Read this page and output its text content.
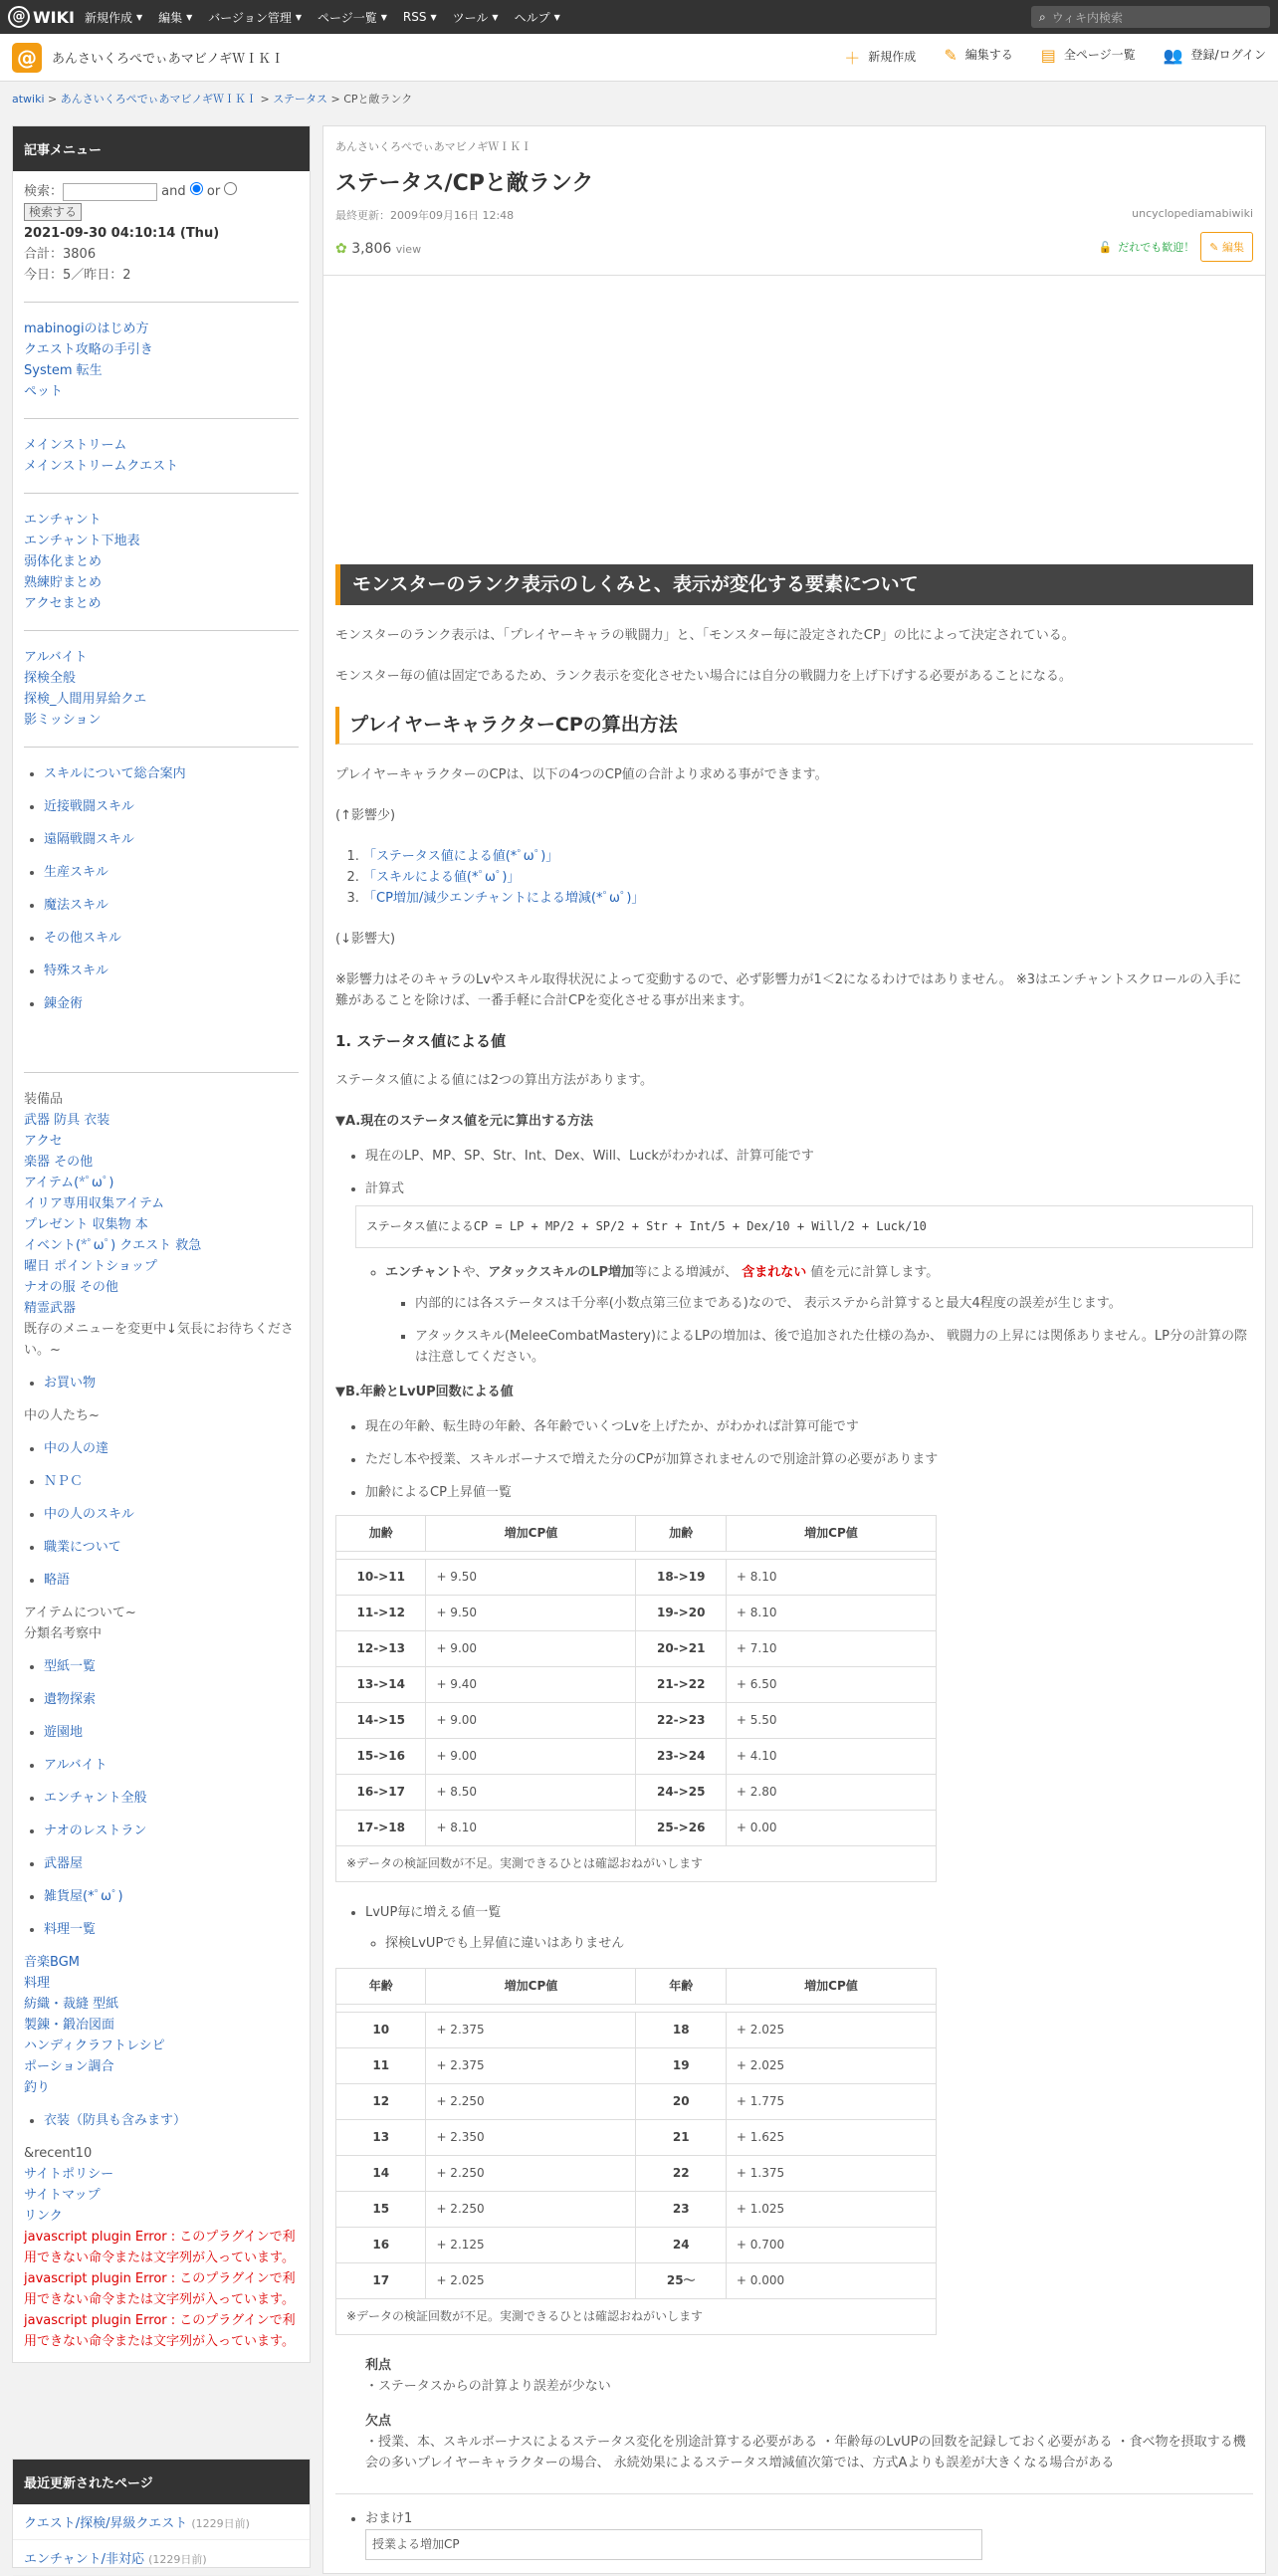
@ WIKI 新規作成 ▼ 編集 ▼ バージョン管理 ▼ ページ一覧 ▼ RSS ▼ ツール ▼ ヘルプ ▼	⌕ ウィキ内検索
@	あんさいくろぺでぃあマビノギＷＩＫＩ	＋ 新規作成 ✎ 編集する ▤ 全ページ一覧 👥 登録/ログイン
atwiki > あんさいくろぺでぃあマビノギＷＩＫＩ > ステータス > CPと敵ランク
記事メニュー
検索：	and or
検索する
2021-09-30 04:10:14 (Thu)
合計：3806
今日：5／昨日：2
mabinogiのはじめ方
クエスト攻略の手引き
System 転生
ペット
メインストリーム
メインストリームクエスト
エンチャント
エンチャント下地表
弱体化まとめ
熟練貯まとめ
アクセまとめ
アルバイト
探検全般
探検_人間用昇給クエ
影ミッション
• スキルについて総合案内
• 近接戦闘スキル
• 遠隔戦闘スキル
• 生産スキル
• 魔法スキル
• その他スキル
• 特殊スキル
• 錬金術
装備品
武器 防具 衣装
アクセ
楽器 その他
アイテム(*ﾟωﾟ)
イリア専用収集アイテム
プレゼント 収集物 本
イベント(*ﾟωﾟ) クエスト 救急
曜日 ポイントショップ
ナオの服 その他
精霊武器
既存のメニューを変更中↓気長にお待ちください。~
• お買い物
中の人たち~
• 中の人の達
• ＮＰＣ
• 中の人のスキル
• 職業について
• 略語
アイテムについて~
分類名考察中
• 型紙一覧
• 遺物探索
• 遊園地
• アルバイト
• エンチャント全般
• ナオのレストラン
• 武器屋
• 雑貨屋(*ﾟωﾟ)
• 料理一覧
音楽BGM
料理
紡織・裁縫 型紙
製錬・鍛冶図面
ハンディクラフトレシピ
ポーション調合
釣り
• 衣装（防具も含みます）
&recent10
サイトポリシー
サイトマップ
リンク
javascript plugin Error : このプラグインで利用できない命令または文字列が入っています。 javascript plugin Error : このプラグインで利用できない命令または文字列が入っています。 javascript plugin Error : このプラグインで利用できない命令または文字列が入っています。
最近更新されたページ
クエスト/探検/昇級クエスト (1229日前)
エンチャント/非対応 (1229日前)
あんさいくろぺでぃあマビノギＷＩＫＩ
ステータス/CPと敵ランク
最終更新：2009年09月16日 12:48	uncyclopediamabiwiki
✿ 3,806 view	🔓 だれでも歓迎！	✎ 編集
モンスターのランク表示のしくみと、表示が変化する要素について

モンスターのランク表示は、「プレイヤーキャラの戦闘力」と、「モンスター毎に設定されたCP」の比によって決定されている。

モンスター毎の値は固定であるため、ランク表示を変化させたい場合には自分の戦闘力を上げ下げする必要があることになる。

プレイヤーキャラクターCPの算出方法

プレイヤーキャラクターのCPは、以下の4つのCP値の合計より求める事ができます。

(↑影響少)

1. 「ステータス値による値(*ﾟωﾟ)」
2. 「スキルによる値(*ﾟωﾟ)」
3. 「CP増加/減少エンチャントによる増減(*ﾟωﾟ)」

(↓影響大)

※影響力はそのキャラのLvやスキル取得状況によって変動するので、必ず影響力が1＜2になるわけではありません。 ※3はエンチャントスクロールの入手に難があることを除けば、一番手軽に合計CPを変化させる事が出来ます。

1. ステータス値による値

ステータス値による値には2つの算出方法があります。

▼A.現在のステータス値を元に算出する方法
• 現在のLP、MP、SP、Str、Int、Dex、Will、Luckがわかれば、計算可能です
• 計算式
ステータス値によるCP = LP + MP/2 + SP/2 + Str + Int/5 + Dex/10 + Will/2 + Luck/10
◦ エンチャントや、アタックスキルのLP増加等による増減が、 含まれない 値を元に計算します。
▪ 内部的には各ステータスは千分率(小数点第三位まである)なので、 表示ステから計算すると最大4程度の誤差が生じます。
▪ アタックスキル(MeleeCombatMastery)によるLPの増加は、後で追加された仕様の為か、 戦闘力の上昇には関係ありません。LP分の計算の際は注意してください。
▼B.年齢とLvUP回数による値
• 現在の年齢、転生時の年齢、各年齢でいくつLvを上げたか、がわかれば計算可能です
• ただし本や授業、スキルボーナスで増えた分のCPが加算されませんので別途計算の必要があります
• 加齢によるCP上昇値一覧
加齢	増加CP値	加齢	増加CP値

10->11	+ 9.50	18->19	+ 8.10
11->12	+ 9.50	19->20	+ 8.10
12->13	+ 9.00	20->21	+ 7.10
13->14	+ 9.40	21->22	+ 6.50
14->15	+ 9.00	22->23	+ 5.50
15->16	+ 9.00	23->24	+ 4.10
16->17	+ 8.50	24->25	+ 2.80
17->18	+ 8.10	25->26	+ 0.00
※データの検証回数が不足。実測できるひとは確認おねがいします			
• LvUP毎に増える値一覧
◦ 探検LvUPでも上昇値に違いはありません
年齢	増加CP値	年齢	増加CP値

10	+ 2.375	18	+ 2.025
11	+ 2.375	19	+ 2.025
12	+ 2.250	20	+ 1.775
13	+ 2.350	21	+ 1.625
14	+ 2.250	22	+ 1.375
15	+ 2.250	23	+ 1.025
16	+ 2.125	24	+ 0.700
17	+ 2.025	25〜	+ 0.000
※データの検証回数が不足。実測できるひとは確認おねがいします			
利点
・ステータスからの計算より誤差が少ない
欠点
・授業、本、スキルボーナスによるステータス変化を別途計算する必要がある ・年齢毎のLvUPの回数を記録しておく必要がある ・食べ物を摂取する機会の多いプレイヤーキャラクターの場合、 永続効果によるステータス増減値次第では、方式Aよりも誤差が大きくなる場合がある
• おまけ1
授業よる増加CP
